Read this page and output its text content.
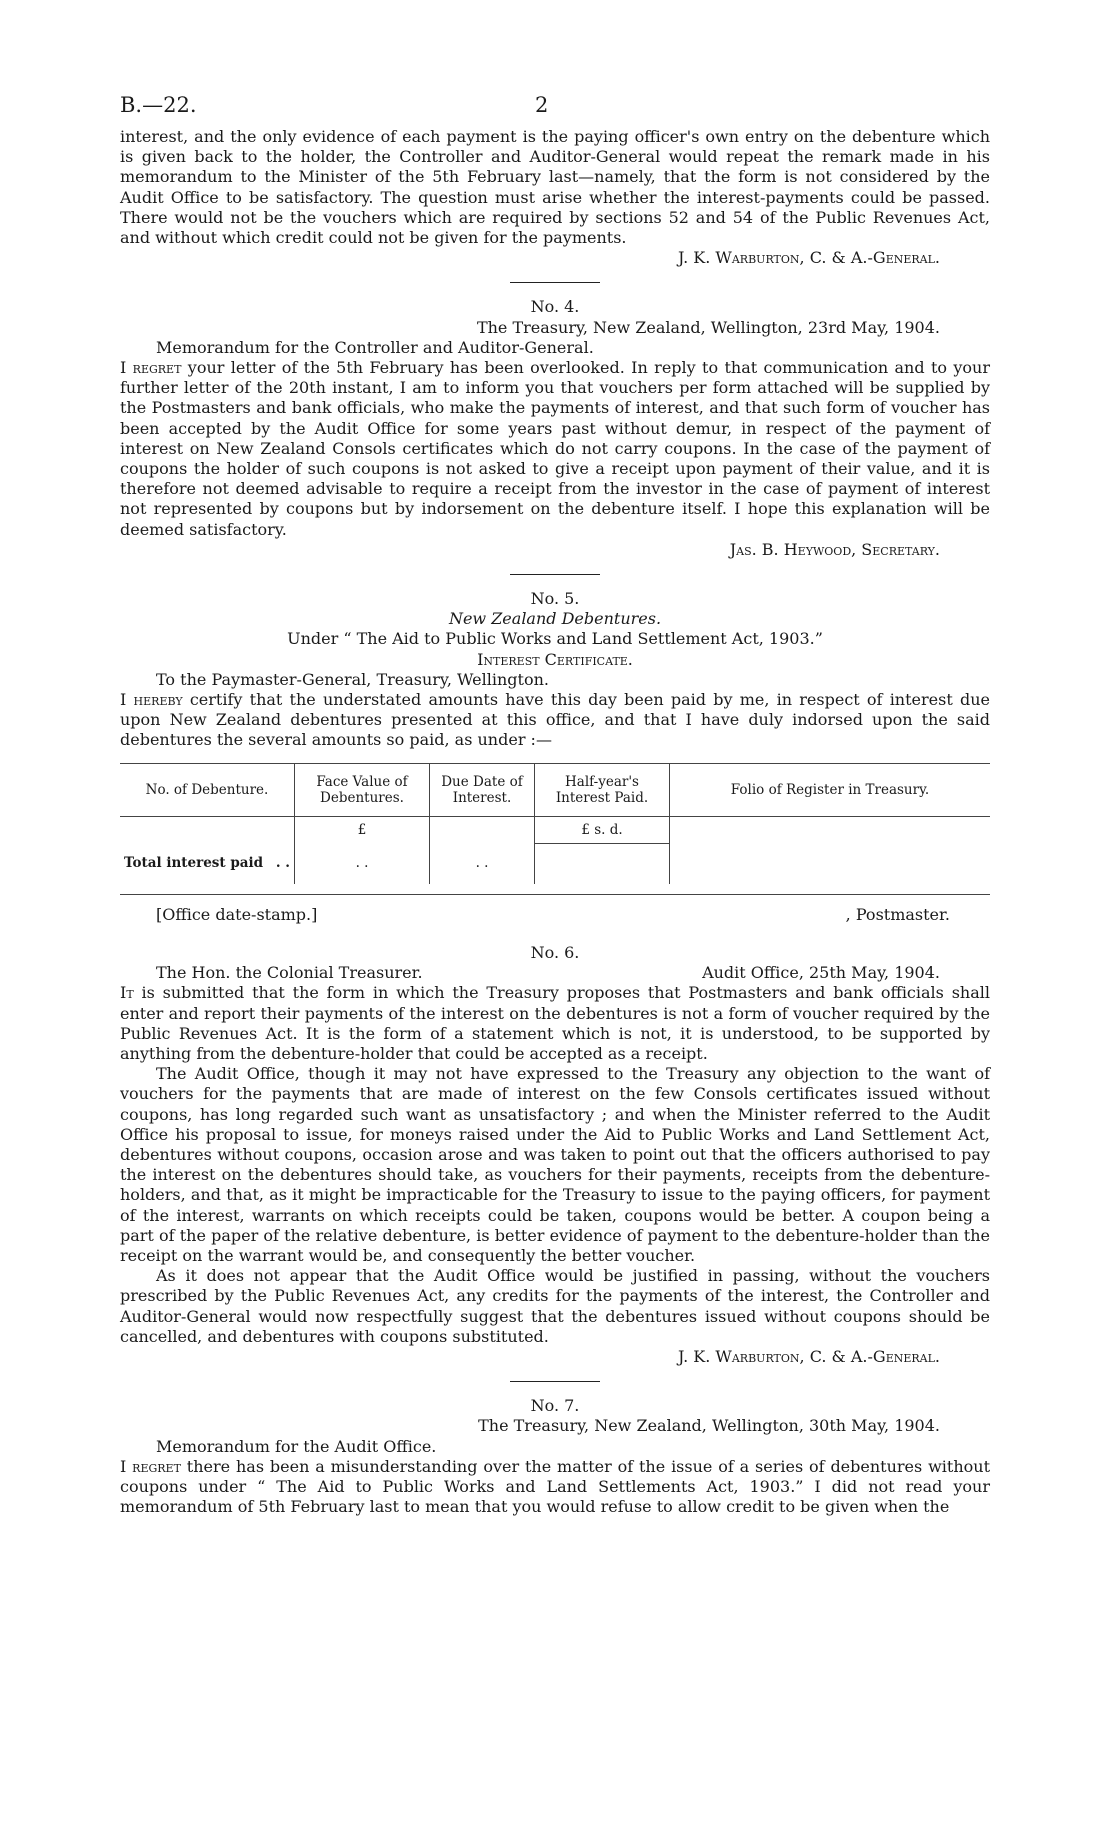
B.—22.	2

interest, and the only evidence of each payment is the paying officer's own entry on the debenture which is given back to the holder, the Controller and Auditor-General would repeat the remark made in his memorandum to the Minister of the 5th February last—namely, that the form is not considered by the Audit Office to be satisfactory. The question must arise whether the interest-payments could be passed. There would not be the vouchers which are required by sections 52 and 54 of the Public Revenues Act, and without which credit could not be given for the payments.

J. K. Warburton, C. & A.-General.

No. 4.

The Treasury, New Zealand, Wellington, 23rd May, 1904.

Memorandum for the Controller and Auditor-General.

I regret your letter of the 5th February has been overlooked. In reply to that communication and to your further letter of the 20th instant, I am to inform you that vouchers per form attached will be supplied by the Postmasters and bank officials, who make the payments of interest, and that such form of voucher has been accepted by the Audit Office for some years past without demur, in respect of the payment of interest on New Zealand Consols certificates which do not carry coupons. In the case of the payment of coupons the holder of such coupons is not asked to give a receipt upon payment of their value, and it is therefore not deemed advisable to require a receipt from the investor in the case of payment of interest not represented by coupons but by indorsement on the debenture itself. I hope this explanation will be deemed satisfactory.

Jas. B. Heywood, Secretary.

No. 5.

New Zealand Debentures.

Under “ The Aid to Public Works and Land Settlement Act, 1903.”

Interest Certificate.

To the Paymaster-General, Treasury, Wellington.

I hereby certify that the understated amounts have this day been paid by me, in respect of interest due upon New Zealand debentures presented at this office, and that I have duly indorsed upon the said debentures the several amounts so paid, as under :—

No. of Debenture.	Face Value of Debentures.	Due Date of Interest.	Half-year's Interest Paid.	Folio of Register in Treasury.
	£		£ s. d.	
Total interest paid . .	. .	. .		
[Office date-stamp.]	, Postmaster.

No. 6.

The Hon. the Colonial Treasurer.	Audit Office, 25th May, 1904.

It is submitted that the form in which the Treasury proposes that Postmasters and bank officials shall enter and report their payments of the interest on the debentures is not a form of voucher required by the Public Revenues Act. It is the form of a statement which is not, it is understood, to be supported by anything from the debenture-holder that could be accepted as a receipt.

The Audit Office, though it may not have expressed to the Treasury any objection to the want of vouchers for the payments that are made of interest on the few Consols certificates issued without coupons, has long regarded such want as unsatisfactory ; and when the Minister referred to the Audit Office his proposal to issue, for moneys raised under the Aid to Public Works and Land Settlement Act, debentures without coupons, occasion arose and was taken to point out that the officers authorised to pay the interest on the debentures should take, as vouchers for their payments, receipts from the debenture-holders, and that, as it might be impracticable for the Treasury to issue to the paying officers, for payment of the interest, warrants on which receipts could be taken, coupons would be better. A coupon being a part of the paper of the relative debenture, is better evidence of payment to the debenture-holder than the receipt on the warrant would be, and consequently the better voucher.

As it does not appear that the Audit Office would be justified in passing, without the vouchers prescribed by the Public Revenues Act, any credits for the payments of the interest, the Controller and Auditor-General would now respectfully suggest that the debentures issued without coupons should be cancelled, and debentures with coupons substituted.

J. K. Warburton, C. & A.-General.

No. 7.

The Treasury, New Zealand, Wellington, 30th May, 1904.

Memorandum for the Audit Office.

I regret there has been a misunderstanding over the matter of the issue of a series of debentures without coupons under “ The Aid to Public Works and Land Settlements Act, 1903.” I did not read your memorandum of 5th February last to mean that you would refuse to allow credit to be given when the
